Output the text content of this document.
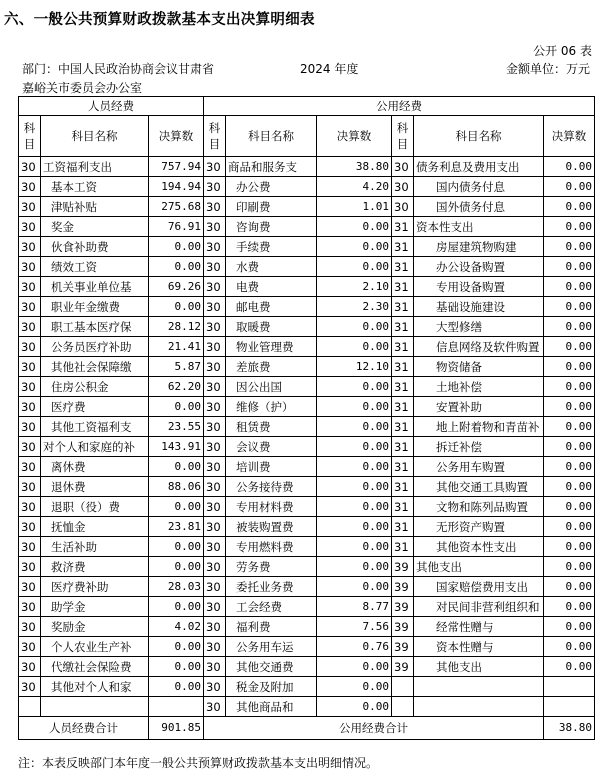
六、一般公共预算财政拨款基本支出决算明细表
公开 06 表
部门：中国人民政治协商会议甘肃省
嘉峪关市委员会办公室
2024 年度	金额单位：万元
人员经费			公用经费					
科目	科目名称	决算数	科目	科目名称	决算数	科目	科目名称	决算数
30	工资福利支出	757.94	30	商品和服务支	38.80	30	债务利息及费用支出	0.00
30	基本工资	194.94	30	办公费	4.20	30	国内债务付息	0.00
30	津贴补贴	275.68	30	印刷费	1.01	30	国外债务付息	0.00
30	奖金	76.91	30	咨询费	0.00	31	资本性支出	0.00
30	伙食补助费	0.00	30	手续费	0.00	31	房屋建筑物购建	0.00
30	绩效工资	0.00	30	水费	0.00	31	办公设备购置	0.00
30	机关事业单位基	69.26	30	电费	2.10	31	专用设备购置	0.00
30	职业年金缴费	0.00	30	邮电费	2.30	31	基础设施建设	0.00
30	职工基本医疗保	28.12	30	取暖费	0.00	31	大型修缮	0.00
30	公务员医疗补助	21.41	30	物业管理费	0.00	31	信息网络及软件购置	0.00
30	其他社会保障缴	5.87	30	差旅费	12.10	31	物资储备	0.00
30	住房公积金	62.20	30	因公出国	0.00	31	土地补偿	0.00
30	医疗费	0.00	30	维修（护）	0.00	31	安置补助	0.00
30	其他工资福利支	23.55	30	租赁费	0.00	31	地上附着物和青苗补	0.00
30	对个人和家庭的补	143.91	30	会议费	0.00	31	拆迁补偿	0.00
30	离休费	0.00	30	培训费	0.00	31	公务用车购置	0.00
30	退休费	88.06	30	公务接待费	0.00	31	其他交通工具购置	0.00
30	退职（役）费	0.00	30	专用材料费	0.00	31	文物和陈列品购置	0.00
30	抚恤金	23.81	30	被装购置费	0.00	31	无形资产购置	0.00
30	生活补助	0.00	30	专用燃料费	0.00	31	其他资本性支出	0.00
30	救济费	0.00	30	劳务费	0.00	39	其他支出	0.00
30	医疗费补助	28.03	30	委托业务费	0.00	39	国家赔偿费用支出	0.00
30	助学金	0.00	30	工会经费	8.77	39	对民间非营利组织和	0.00
30	奖励金	4.02	30	福利费	7.56	39	经常性赠与	0.00
30	个人农业生产补	0.00	30	公务用车运	0.76	39	资本性赠与	0.00
30	代缴社会保险费	0.00	30	其他交通费	0.00	39	其他支出	0.00
30	其他对个人和家	0.00	30	税金及附加	0.00			
			30	其他商品和	0.00			
人员经费合计		901.85	公用经费合计					38.80
注：本表反映部门本年度一般公共预算财政拨款基本支出明细情况。
